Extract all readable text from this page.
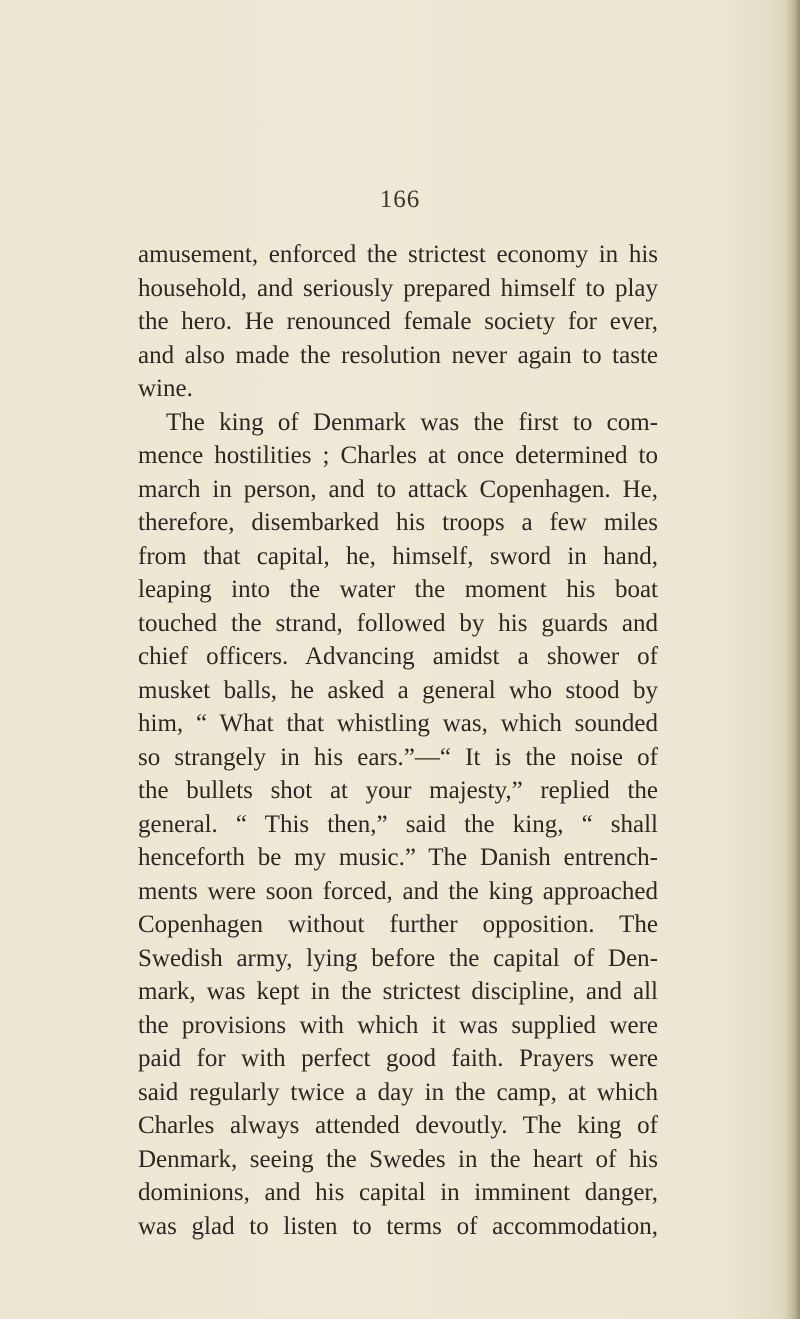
166
amusement, enforced the strictest economy in his
household, and seriously prepared himself to play
the hero. He renounced female society for ever,
and also made the resolution never again to taste
wine.
The king of Denmark was the first to com-
mence hostilities ; Charles at once determined to
march in person, and to attack Copenhagen. He,
therefore, disembarked his troops a few miles
from that capital, he, himself, sword in hand,
leaping into the water the moment his boat
touched the strand, followed by his guards and
chief officers. Advancing amidst a shower of
musket balls, he asked a general who stood by
him, “ What that whistling was, which sounded
so strangely in his ears.”—“ It is the noise of
the bullets shot at your majesty,” replied the
general. “ This then,” said the king, “ shall
henceforth be my music.” The Danish entrench-
ments were soon forced, and the king approached
Copenhagen without further opposition. The
Swedish army, lying before the capital of Den-
mark, was kept in the strictest discipline, and all
the provisions with which it was supplied were
paid for with perfect good faith. Prayers were
said regularly twice a day in the camp, at which
Charles always attended devoutly. The king of
Denmark, seeing the Swedes in the heart of his
dominions, and his capital in imminent danger,
was glad to listen to terms of accommodation,
